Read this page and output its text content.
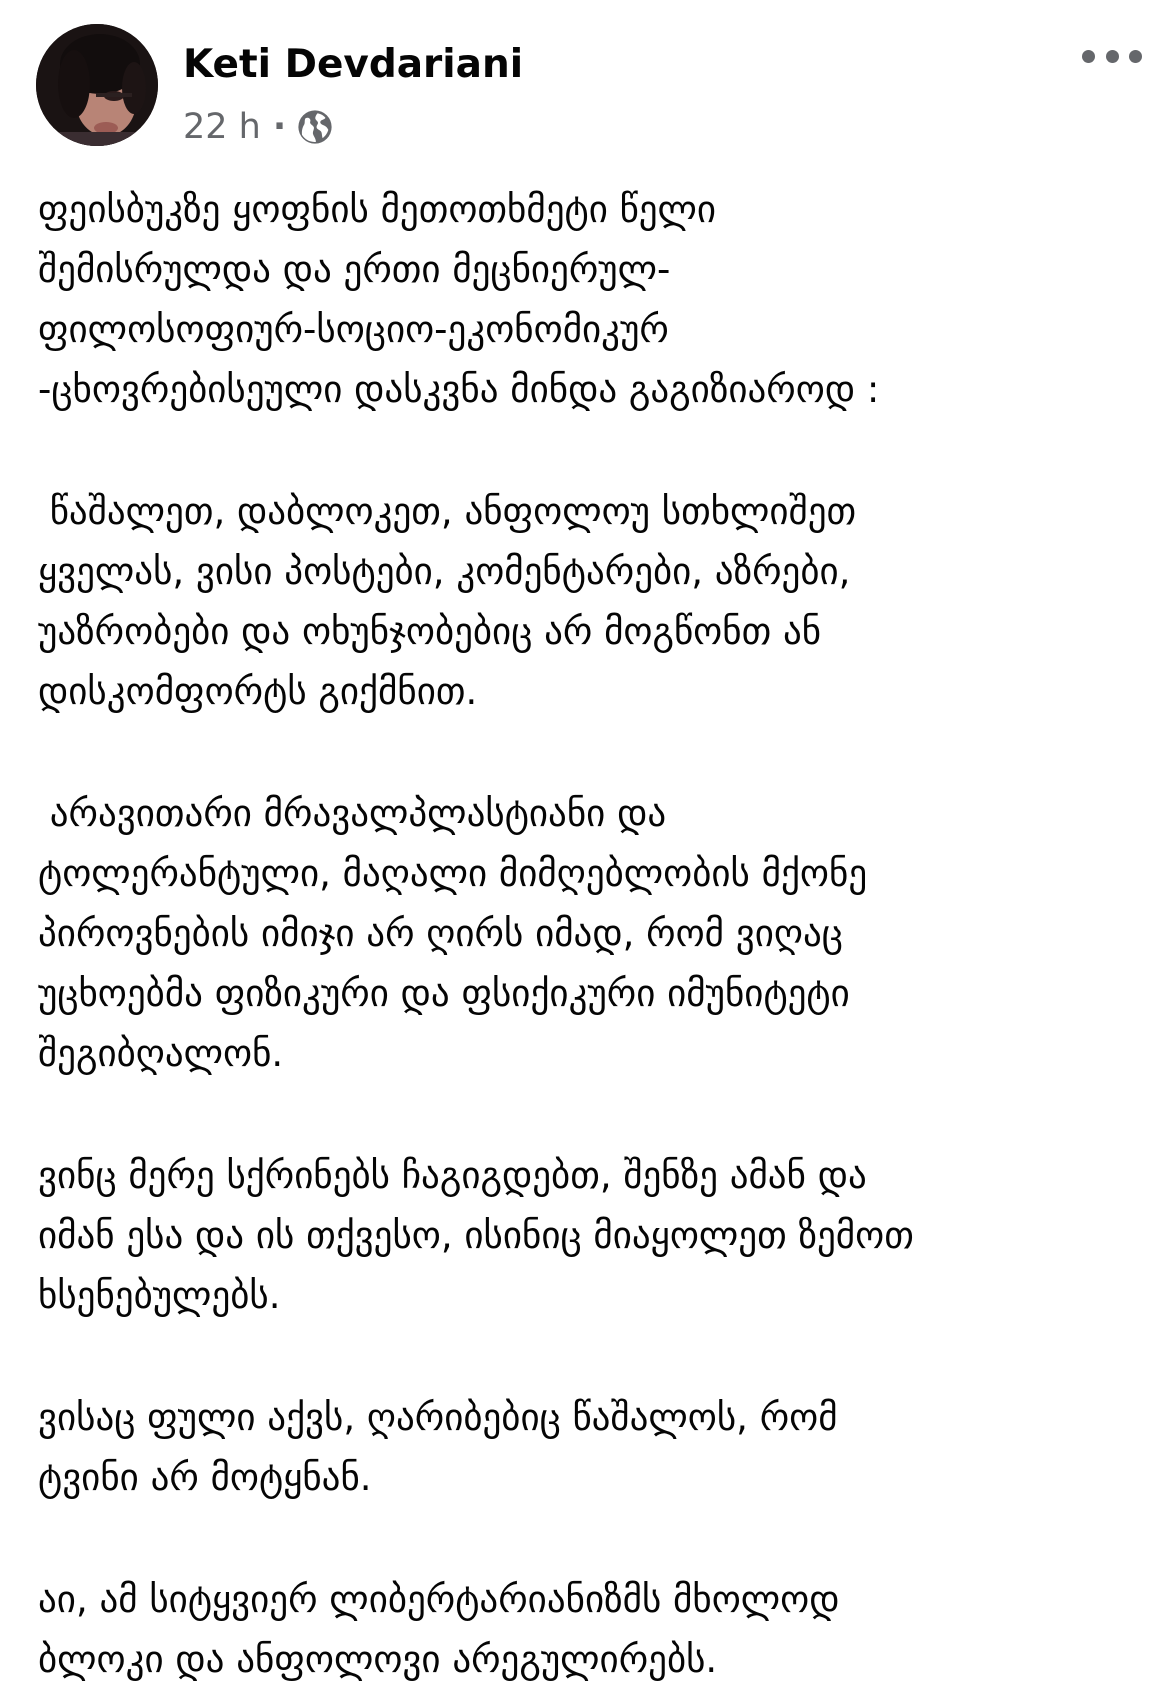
Keti Devdariani
22 h ·
ფეისბუკზე ყოფნის მეთოთხმეტი წელი
შემისრულდა და ერთი მეცნიერულ-
ფილოსოფიურ-სოციო-ეკონომიკურ
-ცხოვრებისეული დასკვნა მინდა გაგიზიაროდ :
წაშალეთ, დაბლოკეთ, ანფოლოუ სთხლიშეთ
ყველას, ვისი პოსტები, კომენტარები, აზრები,
უაზრობები და ოხუნჯობებიც არ მოგწონთ ან
დისკომფორტს გიქმნით.
არავითარი მრავალპლასტიანი და
ტოლერანტული, მაღალი მიმღებლობის მქონე
პიროვნების იმიჯი არ ღირს იმად, რომ ვიღაც
უცხოებმა ფიზიკური და ფსიქიკური იმუნიტეტი
შეგიბღალონ.
ვინც მერე სქრინებს ჩაგიგდებთ, შენზე ამან და
იმან ესა და ის თქვესო, ისინიც მიაყოლეთ ზემოთ
ხსენებულებს.
ვისაც ფული აქვს, ღარიბებიც წაშალოს, რომ
ტვინი არ მოტყნან.
აი, ამ სიტყვიერ ლიბერტარიანიზმს მხოლოდ
ბლოკი და ანფოლოვი არეგულირებს.
